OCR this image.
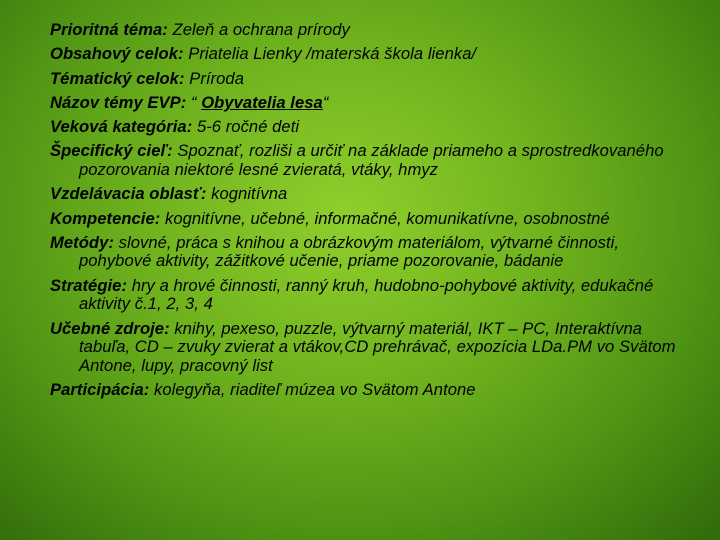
Prioritná téma: Zeleň a ochrana prírody

Obsahový celok: Priatelia Lienky /materská škola lienka/

Tématický celok: Príroda

Názov témy EVP: “ Obyvatelia lesa“

Veková kategória: 5-6 ročné deti

Špecifický cieľ: Spoznať, rozliši a určiť na základe priameho a sprostredkovaného pozorovania niektoré lesné zvieratá, vtáky, hmyz

Vzdelávacia oblasť: kognitívna

Kompetencie: kognitívne, učebné, informačné, komunikatívne, osobnostné

Metódy: slovné, práca s knihou a obrázkovým materiálom, výtvarné činnosti, pohybové aktivity, zážitkové učenie, priame pozorovanie, bádanie

Stratégie: hry a hrové činnosti, ranný kruh, hudobno-pohybové aktivity, edukačné aktivity č.1, 2, 3, 4

Učebné zdroje: knihy, pexeso, puzzle, výtvarný materiál, IKT – PC, Interaktívna tabuľa, CD – zvuky zvierat a vtákov,CD prehrávač, expozícia LDa.PM vo Svätom Antone, lupy, pracovný list

Participácia: kolegyňa, riaditeľ múzea vo Svätom Antone
